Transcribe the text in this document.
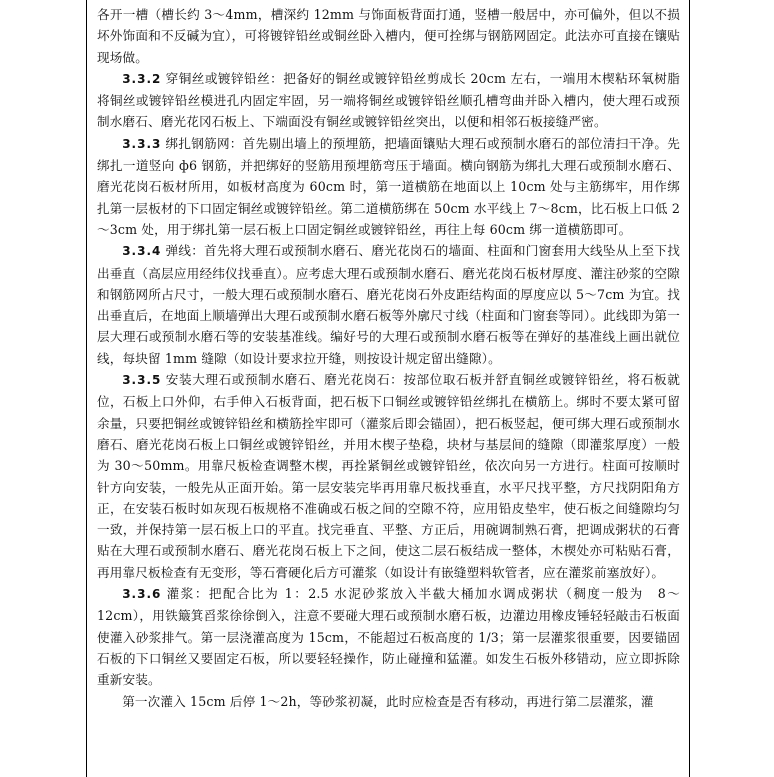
各开一槽（槽长约 3～4mm，槽深约 12mm 与饰面板背面打通，竖槽一般居中，亦可偏外，但以不损坏外饰面和不反碱为宜），可将镀锌铅丝或铜丝卧入槽内，便可拴绑与钢筋网固定。此法亦可直接在镶贴现场做。

3.3.2 穿铜丝或镀锌铅丝：把备好的铜丝或镀锌铅丝剪成长 20cm 左右，一端用木楔粘环氧树脂将铜丝或镀锌铅丝模进孔内固定牢固，另一端将铜丝或镀锌铅丝顺孔槽弯曲并卧入槽内，使大理石或预制水磨石、磨光花冈石板上、下端面没有铜丝或镀锌铅丝突出，以便和相邻石板接缝严密。

3.3.3 绑扎钢筋网：首先剔出墙上的预埋筋，把墙面镶贴大理石或预制水磨石的部位清扫干净。先绑扎一道竖向 ф6 钢筋，并把绑好的竖筋用预埋筋弯压于墙面。横向钢筋为绑扎大理石或预制水磨石、磨光花岗石板材所用，如板材高度为 60cm 时，第一道横筋在地面以上 10cm 处与主筋绑牢，用作绑扎第一层板材的下口固定铜丝或镀锌铅丝。第二道横筋绑在 50cm 水平线上 7～8cm，比石板上口低 2～3cm 处，用于绑扎第一层石板上口固定铜丝或镀锌铅丝，再往上每 60cm 绑一道横筋即可。

3.3.4 弹线：首先将大理石或预制水磨石、磨光花岗石的墙面、柱面和门窗套用大线坠从上至下找出垂直（高层应用经纬仪找垂直）。应考虑大理石或预制水磨石、磨光花岗石板材厚度、灌注砂浆的空隙和钢筋网所占尺寸，一般大理石或预制水磨石、磨光花岗石外皮距结构面的厚度应以 5～7cm 为宜。找出垂直后，在地面上顺墙弹出大理石或预制水磨石板等外廓尺寸线（柱面和门窗套等同）。此线即为第一层大理石或预制水磨石等的安装基准线。编好号的大理石或预制水磨石板等在弹好的基准线上画出就位线，每块留 1mm 缝隙（如设计要求拉开缝，则按设计规定留出缝隙）。

3.3.5 安装大理石或预制水磨石、磨光花岗石：按部位取石板并舒直铜丝或镀锌铅丝，将石板就位，石板上口外仰，右手伸入石板背面，把石板下口铜丝或镀锌铅丝绑扎在横筋上。绑时不要太紧可留余量，只要把铜丝或镀锌铅丝和横筋拴牢即可（灌浆后即会锚固），把石板竖起，便可绑大理石或预制水磨石、磨光花岗石板上口铜丝或镀锌铅丝，并用木楔子垫稳，块材与基层间的缝隙（即灌浆厚度）一般为 30～50mm。用靠尺板检查调整木楔，再拴紧铜丝或镀锌铅丝，依次向另一方进行。柱面可按顺时针方向安装，一般先从正面开始。第一层安装完毕再用靠尺板找垂直，水平尺找平整，方尺找阴阳角方正，在安装石板时如灰现石板规格不准确或石板之间的空隙不符，应用铅皮垫牢，使石板之间缝隙均匀一致，并保持第一层石板上口的平直。找完垂直、平整、方正后，用碗调制熟石膏，把调成粥状的石膏贴在大理石或预制水磨石、磨光花岗石板上下之间，使这二层石板结成一整体，木楔处亦可粘贴石膏，再用靠尺板检查有无变形，等石膏硬化后方可灌浆（如设计有嵌缝塑料软管者，应在灌浆前塞放好）。

3.3.6 灌浆：把配合比为 1：2.5 水泥砂浆放入半截大桶加水调成粥状（稠度一般为　8～12cm），用铁簸箕舀浆徐徐倒入，注意不要碰大理石或预制水磨石板，边灌边用橡皮锤轻轻敲击石板面使灌入砂浆排气。第一层浇灌高度为 15cm，不能超过石板高度的 1/3；第一层灌浆很重要，因要锚固石板的下口铜丝又要固定石板，所以要轻轻操作，防止碰撞和猛灌。如发生石板外移错动，应立即拆除重新安装。

第一次灌入 15cm 后停 1～2h，等砂浆初凝，此时应检查是否有移动，再进行第二层灌浆，灌
